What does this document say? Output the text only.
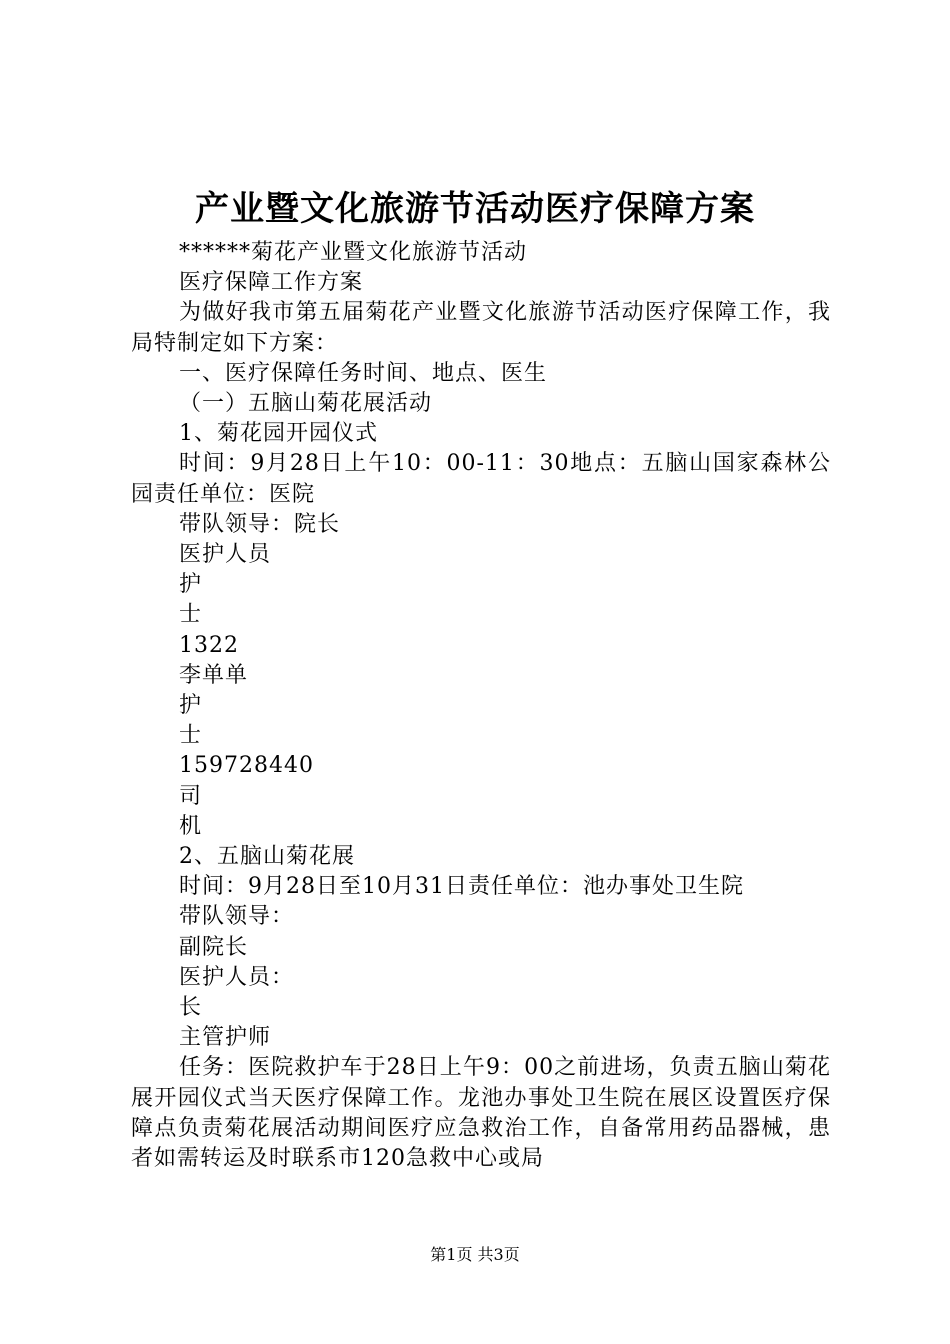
产业暨文化旅游节活动医疗保障方案

******菊花产业暨文化旅游节活动

医疗保障工作方案

为做好我市第五届菊花产业暨文化旅游节活动医疗保障工作，我局特制定如下方案：

一、医疗保障任务时间、地点、医生

（一）五脑山菊花展活动

1、菊花园开园仪式

时间：9月28日上午10：00-11：30地点：五脑山国家森林公园责任单位：医院

带队领导：院长

医护人员

护

士

1322

李单单

护

士

159728440

司

机

2、五脑山菊花展

时间：9月28日至10月31日责任单位：池办事处卫生院

带队领导：

副院长

医护人员：

长

主管护师

任务：医院救护车于28日上午9：00之前进场，负责五脑山菊花展开园仪式当天医疗保障工作。龙池办事处卫生院在展区设置医疗保障点负责菊花展活动期间医疗应急救治工作，自备常用药品器械，患者如需转运及时联系市120急救中心或局

第1页 共3页
